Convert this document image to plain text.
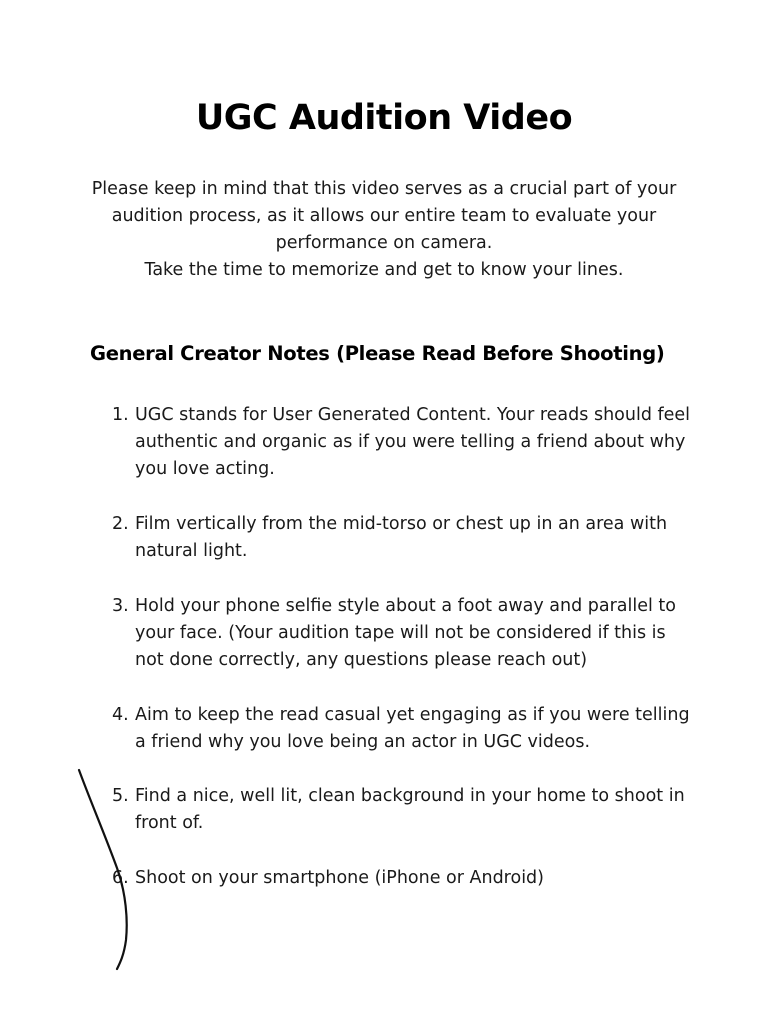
UGC Audition Video
Please keep in mind that this video serves as a crucial part of your
audition process, as it allows our entire team to evaluate your
performance on camera.
Take the time to memorize and get to know your lines.
General Creator Notes (Please Read Before Shooting)
1. UGC stands for User Generated Content. Your reads should feel authentic and organic as if you were telling a friend about why you love acting.
2. Film vertically from the mid-torso or chest up in an area with natural light.
3. Hold your phone selfie style about a foot away and parallel to your face. (Your audition tape will not be considered if this is not done correctly, any questions please reach out)
4. Aim to keep the read casual yet engaging as if you were telling a friend why you love being an actor in UGC videos.
5. Find a nice, well lit, clean background in your home to shoot in front of.
6. Shoot on your smartphone (iPhone or Android)
